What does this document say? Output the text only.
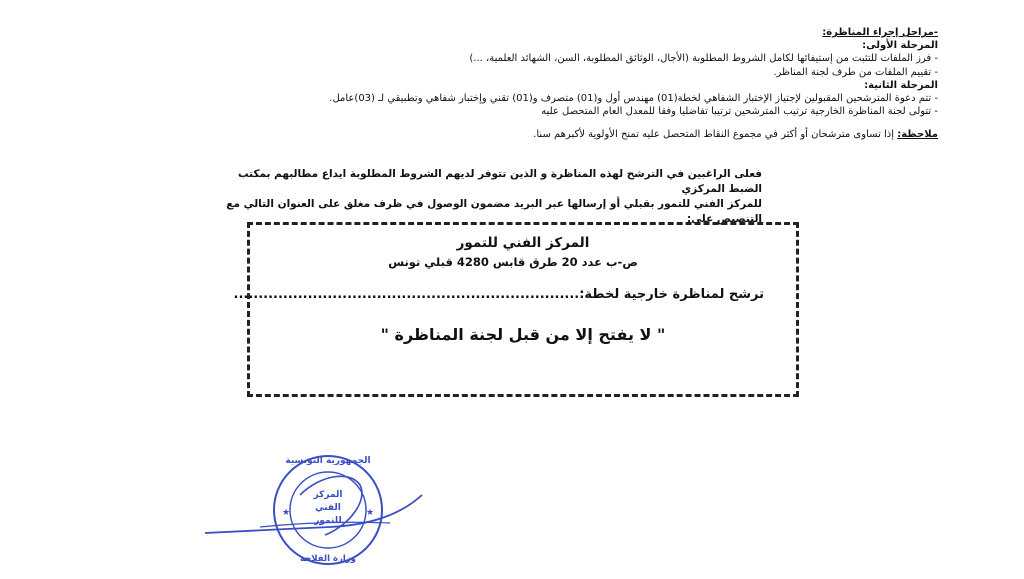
-مراحل إجراء المناظرة:
المرحلة الأولى:
- فرز الملفات للتثبت من إستيفائها لكامل الشروط المطلوبة (الأجال، الوثائق المطلوبة، السن، الشهائد العلمية، ...)
- تقييم الملفات من طرف لجنة المناظر.
المرحلة الثانية:
- تتم دعوة المترشحين المقبولين لإجتياز الإختبار الشفاهي لخطة(01) مهندس أول و(01) متصرف و(01) تقني وإختبار شفاهي وتطبيقي لـ (03)عامل.
- تتولى لجنة المناظرة الخارجية ترتيب المترشحين ترتيبا تفاضليا وفقا للمعدل العام المتحصل عليه
ملاحظة: إذا تساوى مترشحان أو أكثر في مجموع النقاط المتحصل عليه تمنح الأولوية لأكبرهم سنا.
فعلى الراغبين في الترشح لهذه المناظرة و الذين تتوفر لديهم الشروط المطلوبة ايداع مطالبهم بمكتب الضبط المركزي
للمركز الفني للتمور بقبلي أو إرسالها عبر البريد مضمون الوصول في ظرف مغلق على العنوان التالي مع التنصيص على:
المركز الفني للتمور
ص-ب عدد 20 طرق قابس 4280 قبلي تونس
ترشح لمناظرة خارجية لخطة:......................................................................
" لا يفتح إلا من قبل لجنة المناظرة "
الجمهورية التونسية
المركز
الفني
للتمور
وزارة الفلاحة
★	★
